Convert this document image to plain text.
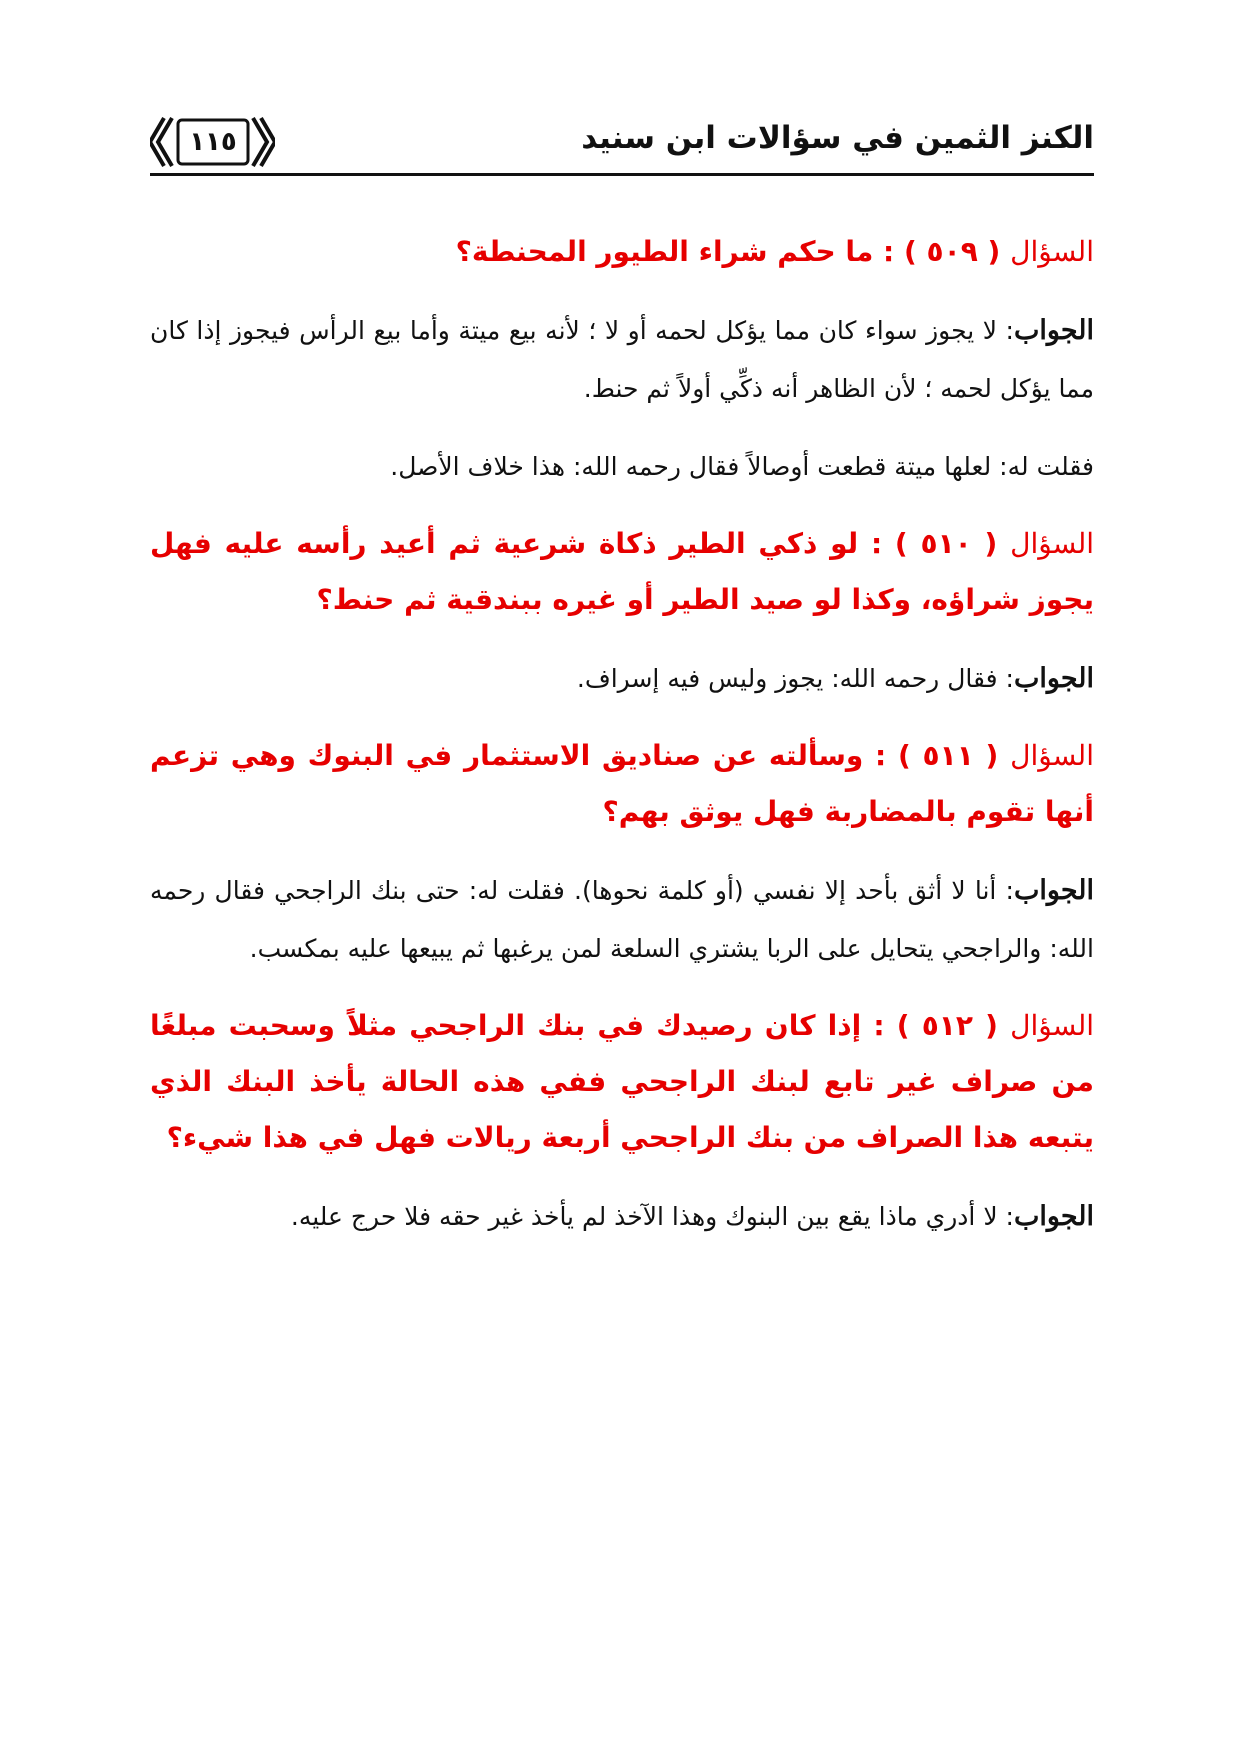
الكنز الثمين في سؤالات ابن سنيد
١١٥

السؤال ( ٥٠٩ ) : ما حكم شراء الطيور المحنطة؟

الجواب: لا يجوز سواء كان مما يؤكل لحمه أو لا ؛ لأنه بيع ميتة وأما بيع الرأس فيجوز إذا كان مما يؤكل لحمه ؛ لأن الظاهر أنه ذكِّي أولاً ثم حنط.

فقلت له: لعلها ميتة قطعت أوصالاً فقال رحمه الله: هذا خلاف الأصل.

السؤال ( ٥١٠ ) : لو ذكي الطير ذكاة شرعية ثم أعيد رأسه عليه فهل يجوز شراؤه، وكذا لو صيد الطير أو غيره ببندقية ثم حنط؟

الجواب: فقال رحمه الله: يجوز وليس فيه إسراف.

السؤال ( ٥١١ ) : وسألته عن صناديق الاستثمار في البنوك وهي تزعم أنها تقوم بالمضاربة فهل يوثق بهم؟

الجواب: أنا لا أثق بأحد إلا نفسي (أو كلمة نحوها). فقلت له: حتى بنك الراجحي فقال رحمه الله: والراجحي يتحايل على الربا يشتري السلعة لمن يرغبها ثم يبيعها عليه بمكسب.

السؤال ( ٥١٢ ) : إذا كان رصيدك في بنك الراجحي مثلاً وسحبت مبلغًا من صراف غير تابع لبنك الراجحي ففي هذه الحالة يأخذ البنك الذي يتبعه هذا الصراف من بنك الراجحي أربعة ريالات فهل في هذا شيء؟

الجواب: لا أدري ماذا يقع بين البنوك وهذا الآخذ لم يأخذ غير حقه فلا حرج عليه.
